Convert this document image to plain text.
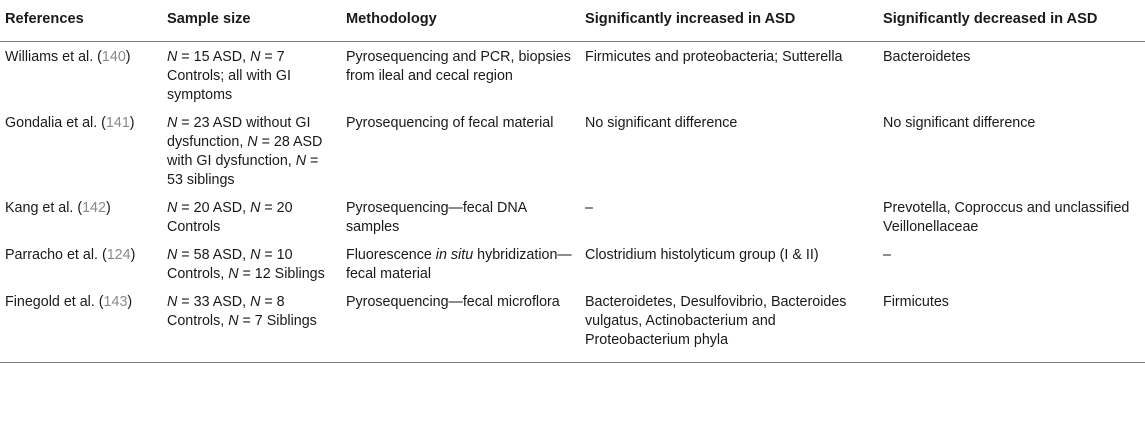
References	Sample size	Methodology	Significantly increased in ASD	Significantly decreased in ASD
Williams et al. (140)	N = 15 ASD, N = 7 Controls; all with GI symptoms	Pyrosequencing and PCR, biopsies from ileal and cecal region	Firmicutes and proteobacteria; Sutterella	Bacteroidetes
Gondalia et al. (141)	N = 23 ASD without GI dysfunction, N = 28 ASD with GI dysfunction, N = 53 siblings	Pyrosequencing of fecal material	No significant difference	No significant difference
Kang et al. (142)	N = 20 ASD, N = 20 Controls	Pyrosequencing—fecal DNA samples	–	Prevotella, Coproccus and unclassified Veillonellaceae
Parracho et al. (124)	N = 58 ASD, N = 10 Controls, N = 12 Siblings	Fluorescence in situ hybridization—fecal material	Clostridium histolyticum group (I & II)	–
Finegold et al. (143)	N = 33 ASD, N = 8 Controls, N = 7 Siblings	Pyrosequencing—fecal microflora	Bacteroidetes, Desulfovibrio, Bacteroides vulgatus, Actinobacterium and Proteobacterium phyla	Firmicutes
